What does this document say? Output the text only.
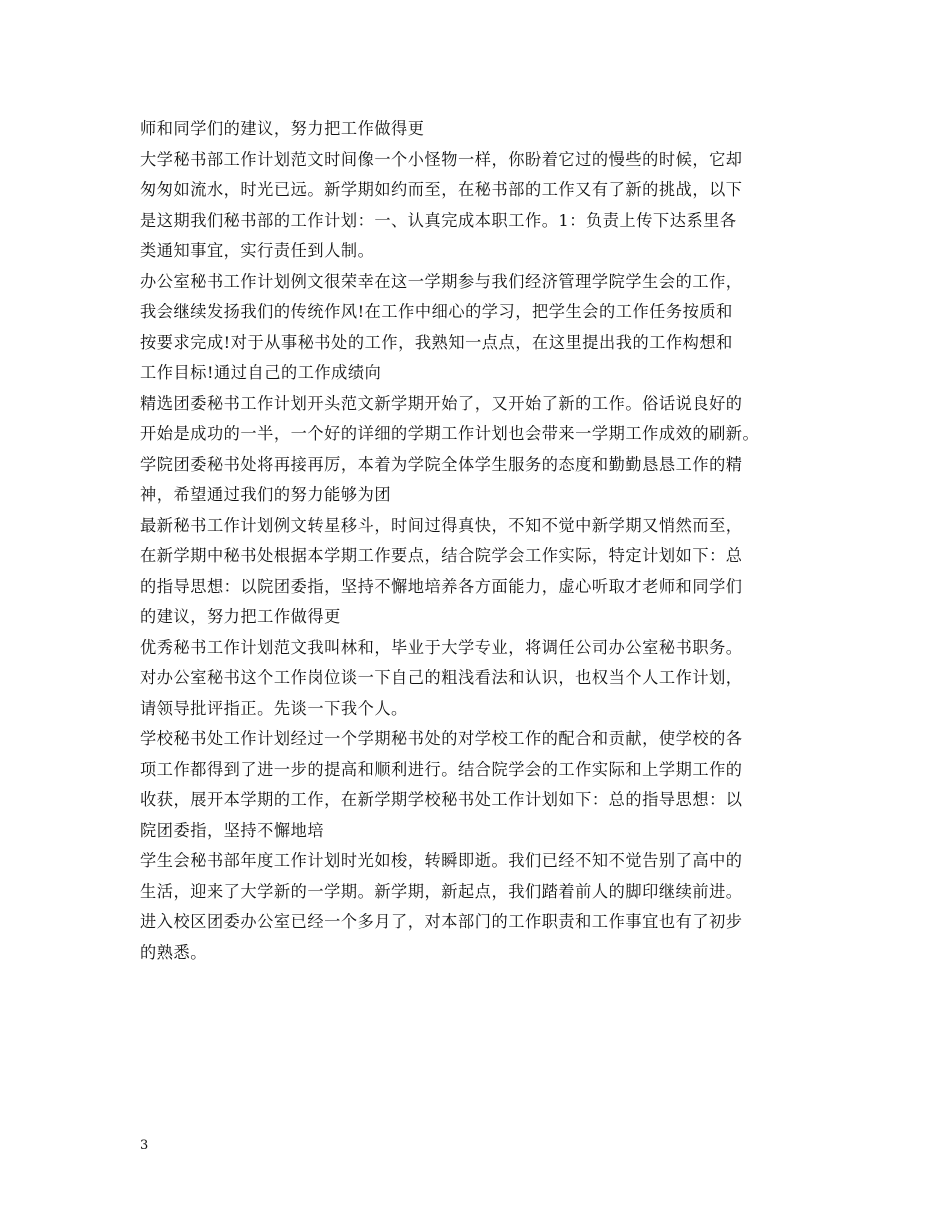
师和同学们的建议，努力把工作做得更
大学秘书部工作计划范文时间像一个小怪物一样，你盼着它过的慢些的时候，它却
匆匆如流水，时光已远。新学期如约而至，在秘书部的工作又有了新的挑战，以下
是这期我们秘书部的工作计划：一、认真完成本职工作。1：负责上传下达系里各
类通知事宜，实行责任到人制。
办公室秘书工作计划例文很荣幸在这一学期参与我们经济管理学院学生会的工作，
我会继续发扬我们的传统作风!在工作中细心的学习，把学生会的工作任务按质和
按要求完成!对于从事秘书处的工作，我熟知一点点，在这里提出我的工作构想和
工作目标!通过自己的工作成绩向
精选团委秘书工作计划开头范文新学期开始了，又开始了新的工作。俗话说良好的
开始是成功的一半，一个好的详细的学期工作计划也会带来一学期工作成效的刷新。
学院团委秘书处将再接再厉，本着为学院全体学生服务的态度和勤勤恳恳工作的精
神，希望通过我们的努力能够为团
最新秘书工作计划例文转星移斗，时间过得真快，不知不觉中新学期又悄然而至，
在新学期中秘书处根据本学期工作要点，结合院学会工作实际，特定计划如下：总
的指导思想：以院团委指，坚持不懈地培养各方面能力，虚心听取才老师和同学们
的建议，努力把工作做得更
优秀秘书工作计划范文我叫林和，毕业于大学专业，将调任公司办公室秘书职务。
对办公室秘书这个工作岗位谈一下自己的粗浅看法和认识，也权当个人工作计划，
请领导批评指正。先谈一下我个人。
学校秘书处工作计划经过一个学期秘书处的对学校工作的配合和贡献，使学校的各
项工作都得到了进一步的提高和顺利进行。结合院学会的工作实际和上学期工作的
收获，展开本学期的工作，在新学期学校秘书处工作计划如下：总的指导思想：以
院团委指，坚持不懈地培
学生会秘书部年度工作计划时光如梭，转瞬即逝。我们已经不知不觉告别了高中的
生活，迎来了大学新的一学期。新学期，新起点，我们踏着前人的脚印继续前进。
进入校区团委办公室已经一个多月了，对本部门的工作职责和工作事宜也有了初步
的熟悉。
3
